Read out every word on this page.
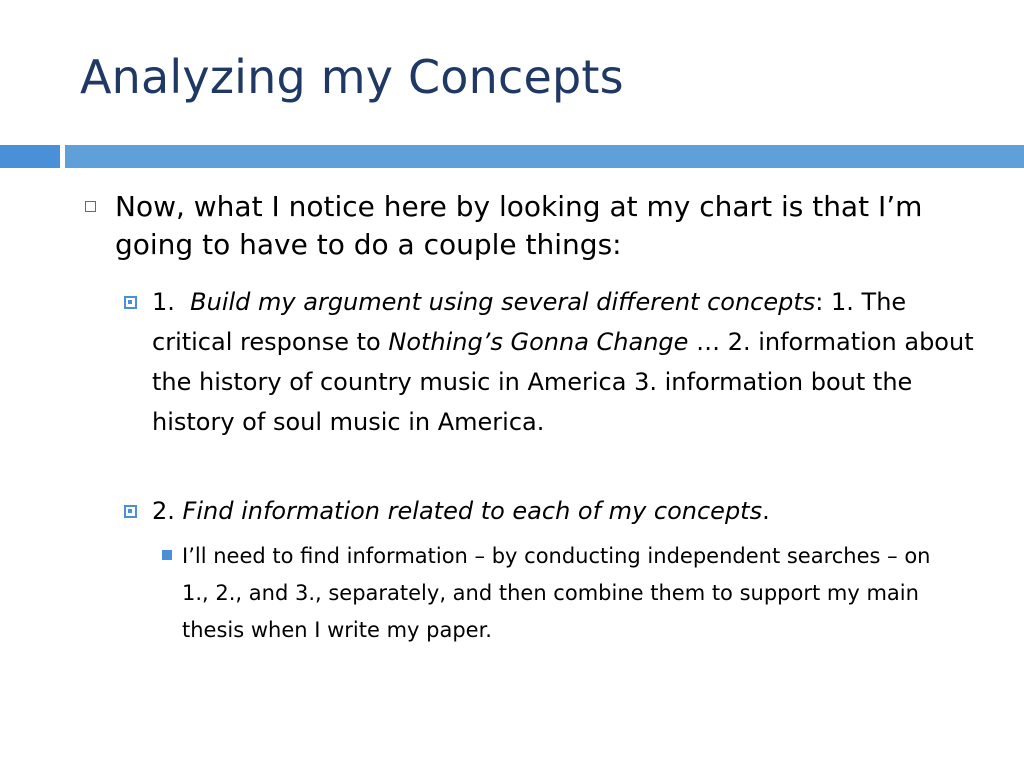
Analyzing my Concepts
Now, what I notice here by looking at my chart is that I’m going to have to do a couple things:
1.  Build my argument using several different concepts: 1. The critical response to Nothing’s Gonna Change … 2. information about the history of country music in America 3. information bout the history of soul music in America.
2. Find information related to each of my concepts.
I’ll need to find information – by conducting independent searches – on 1., 2., and 3., separately, and then combine them to support my main thesis when I write my paper.
